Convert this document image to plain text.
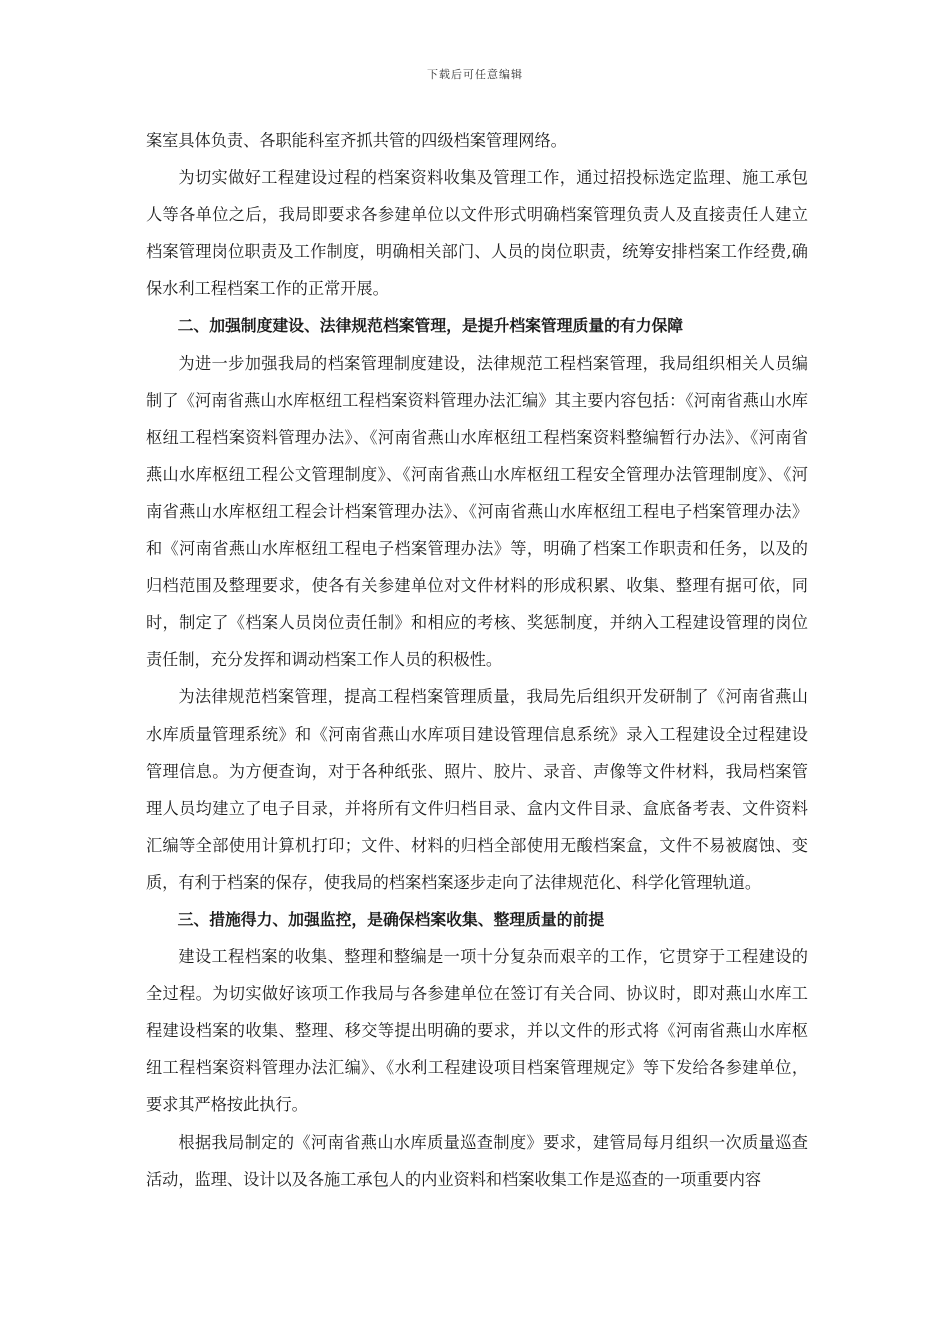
下载后可任意编辑

案室具体负责、各职能科室齐抓共管的四级档案管理网络。

为切实做好工程建设过程的档案资料收集及管理工作，通过招投标选定监理、施工承包人等各单位之后，我局即要求各参建单位以文件形式明确档案管理负责人及直接责任人建立档案管理岗位职责及工作制度，明确相关部门、人员的岗位职责，统筹安排档案工作经费,确保水利工程档案工作的正常开展。

二、加强制度建设、法律规范档案管理，是提升档案管理质量的有力保障

为进一步加强我局的档案管理制度建设，法律规范工程档案管理，我局组织相关人员编制了《河南省燕山水库枢纽工程档案资料管理办法汇编》其主要内容包括：《河南省燕山水库枢纽工程档案资料管理办法》、《河南省燕山水库枢纽工程档案资料整编暂行办法》、《河南省燕山水库枢纽工程公文管理制度》、《河南省燕山水库枢纽工程安全管理办法管理制度》、《河南省燕山水库枢纽工程会计档案管理办法》、《河南省燕山水库枢纽工程电子档案管理办法》和《河南省燕山水库枢纽工程电子档案管理办法》等，明确了档案工作职责和任务，以及的归档范围及整理要求，使各有关参建单位对文件材料的形成积累、收集、整理有据可依，同时，制定了《档案人员岗位责任制》和相应的考核、奖惩制度，并纳入工程建设管理的岗位责任制，充分发挥和调动档案工作人员的积极性。

为法律规范档案管理，提高工程档案管理质量，我局先后组织开发研制了《河南省燕山水库质量管理系统》和《河南省燕山水库项目建设管理信息系统》录入工程建设全过程建设管理信息。为方便查询，对于各种纸张、照片、胶片、录音、声像等文件材料，我局档案管理人员均建立了电子目录，并将所有文件归档目录、盒内文件目录、盒底备考表、文件资料汇编等全部使用计算机打印；文件、材料的归档全部使用无酸档案盒，文件不易被腐蚀、变质，有利于档案的保存，使我局的档案档案逐步走向了法律规范化、科学化管理轨道。

三、措施得力、加强监控，是确保档案收集、整理质量的前提

建设工程档案的收集、整理和整编是一项十分复杂而艰辛的工作，它贯穿于工程建设的全过程。为切实做好该项工作我局与各参建单位在签订有关合同、协议时，即对燕山水库工程建设档案的收集、整理、移交等提出明确的要求，并以文件的形式将《河南省燕山水库枢纽工程档案资料管理办法汇编》、《水利工程建设项目档案管理规定》等下发给各参建单位，要求其严格按此执行。

根据我局制定的《河南省燕山水库质量巡查制度》要求，建管局每月组织一次质量巡查活动，监理、设计以及各施工承包人的内业资料和档案收集工作是巡查的一项重要内容
